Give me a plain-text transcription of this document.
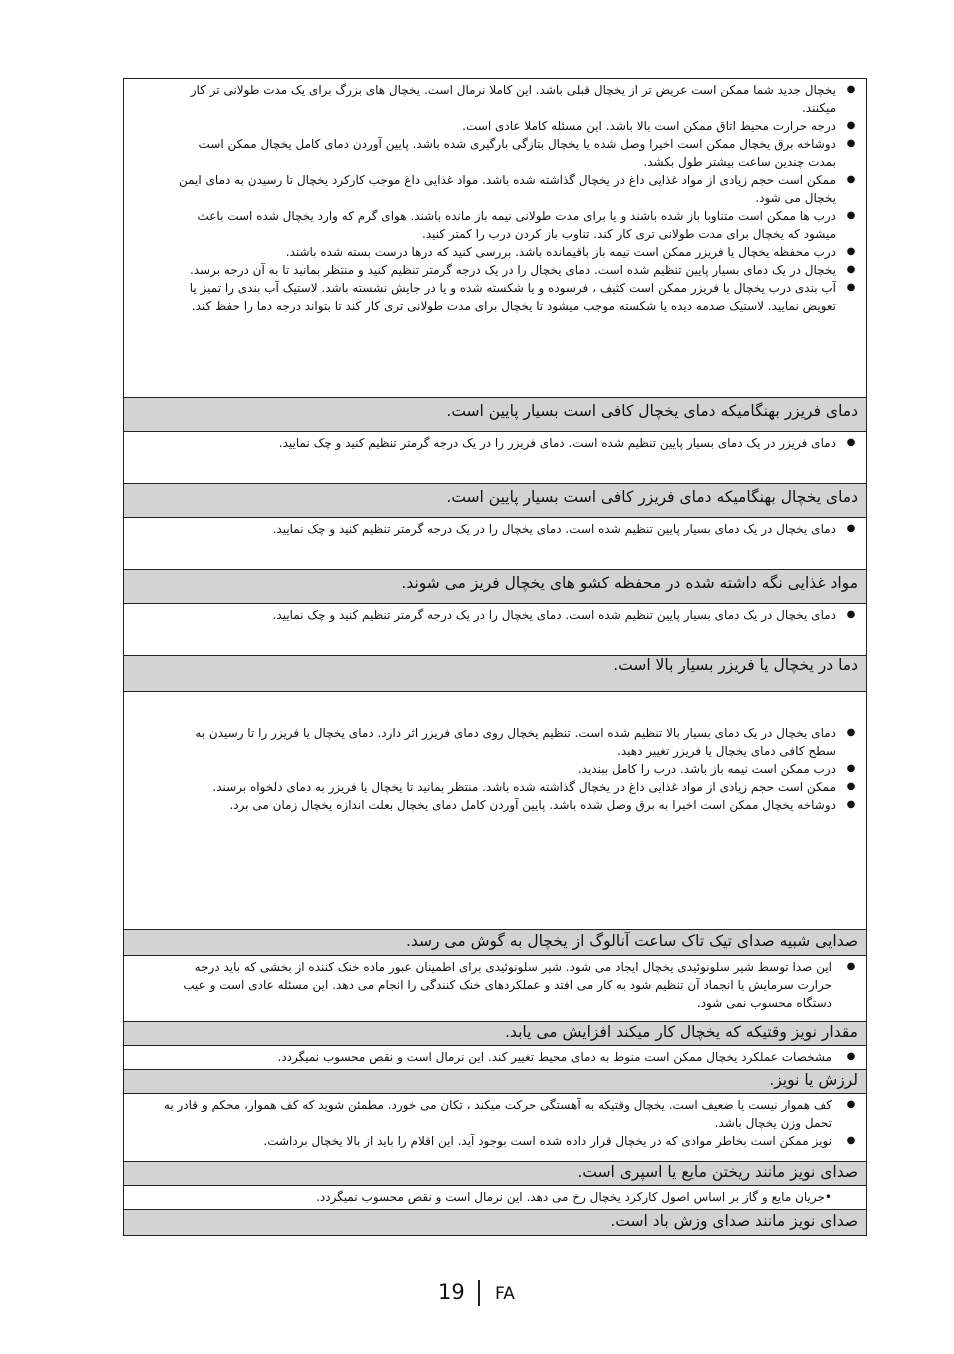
●
یخچال جدید شما ممکن است عریض تر از یخچال قبلی باشد. این کاملا نرمال است. یخچال های بزرگ برای یک مدت طولانی تر کار میکنند.
●
درجه حرارت محیط اتاق ممکن است بالا باشد. این مسئله کاملا عادی است.
●
دوشاخه برق یخچال ممکن است اخیرا وصل شده یا یخچال بتازگی بارگیری شده باشد. پایین آوردن دمای کامل یخچال ممکن است بمدت چندین ساعت بیشتر طول بکشد.
●
ممکن است حجم زیادی از مواد غذایی داغ در یخچال گذاشته شده باشد. مواد غذایی داغ موجب کارکرد یخچال تا رسیدن به دمای ایمن یخچال می شود.
●
درب ها ممکن است متناوبا باز شده باشند و یا برای مدت طولانی نیمه باز مانده باشند. هوای گرم که وارد یخچال شده است باعث میشود که یخچال برای مدت طولانی تری کار کند. تناوب باز کردن درب را کمتر کنید.
●
درب محفظه یخچال یا فریزر ممکن است نیمه باز باقیمانده باشد. بررسی کنید که درها درست بسته شده باشند.
●
یخچال در یک دمای بسیار پایین تنظیم شده است. دمای یخچال را در یک درجه گرمتر تنظیم کنید و منتظر بمانید تا به آن درجه برسد.
●
آب بندی درب یخچال یا فریزر ممکن است کثیف ، فرسوده و یا شکسته شده و یا در جایش نشسته باشد. لاستیک آب بندی را تمیز یا تعویض نمایید. لاستیک صدمه دیده یا شکسته موجب میشود تا یخچال برای مدت طولانی تری کار کند تا بتواند درجه دما را حفظ کند.
دمای فریزر بهنگامیکه دمای یخچال کافی است بسیار پایین است.
●
دمای فریزر در یک دمای بسیار پایین تنظیم شده است. دمای فریزر را در یک درجه گرمتر تنظیم کنید و چک نمایید.
دمای یخچال بهنگامیکه دمای فریزر کافی است بسیار پایین است.
●
دمای یخچال در یک دمای بسیار پایین تنظیم شده است. دمای یخچال را در یک درجه گرمتر تنظیم کنید و چک نمایید.
مواد غذایی نگه داشته شده در محفظه کشو های یخچال فریز می شوند.
●
دمای یخچال در یک دمای بسیار پایین تنظیم شده است. دمای یخچال را در یک درجه گرمتر تنظیم کنید و چک نمایید.
دما در یخچال یا فریزر بسیار بالا است.
●
دمای یخچال در یک دمای بسیار بالا تنظیم شده است. تنظیم یخچال روی دمای فریزر اثر دارد. دمای یخچال یا فریزر را تا رسیدن به سطح کافی دمای یخچال یا فریزر تغییر دهید.
●
درب ممکن است نیمه باز باشد. درب را کامل ببندید.
●
ممکن است حجم زیادی از مواد غذایی داغ در یخچال گذاشته شده باشد. منتظر بمانید تا یخچال یا فریزر به دمای دلخواه برسند.
●
دوشاخه یخچال ممکن است اخیرا به برق وصل شده باشد. پایین آوردن کامل دمای یخچال بعلت اندازه یخچال زمان می برد.
صدایی شبیه صدای تیک تاک ساعت آنالوگ از یخچال به گوش می رسد.
●
این صدا توسط شیر سلونوئیدی یخچال ایجاد می شود. شیر سلونوئیدی برای اطمینان عبور ماده خنک کننده از بخشی که باید درجه حرارت سرمایش یا انجماد آن تنظیم شود به کار می افتد و عملکردهای خنک کنندگی را انجام می دهد. این مسئله عادی است و عیب دستگاه محسوب نمی شود.
مقدار نویز وقتیکه که یخچال کار میکند افزایش می یابد.
●
مشخصات عملکرد یخچال ممکن است منوط به دمای محیط تغییر کند. این نرمال است و نقص محسوب نمیگردد.
لرزش یا نویز.
●
کف هموار نیست یا ضعیف است. یخچال وقتیکه به آهستگی حرکت میکند ، تکان می خورد. مطمئن شوید که کف هموار، محکم و قادر به تحمل وزن یخچال باشد.
●
نویز ممکن است بخاطر موادی که در یخچال قرار داده شده است بوجود آید. این اقلام را باید از بالا یخچال برداشت.
صدای نویز مانند ریختن مایع یا اسپری است.
•جریان مایع و گاز بر اساس اصول کارکرد یخچال رخ می دهد. این نرمال است و نقص محسوب نمیگردد.
صدای نویز مانند صدای وزش باد است.
19 FA
